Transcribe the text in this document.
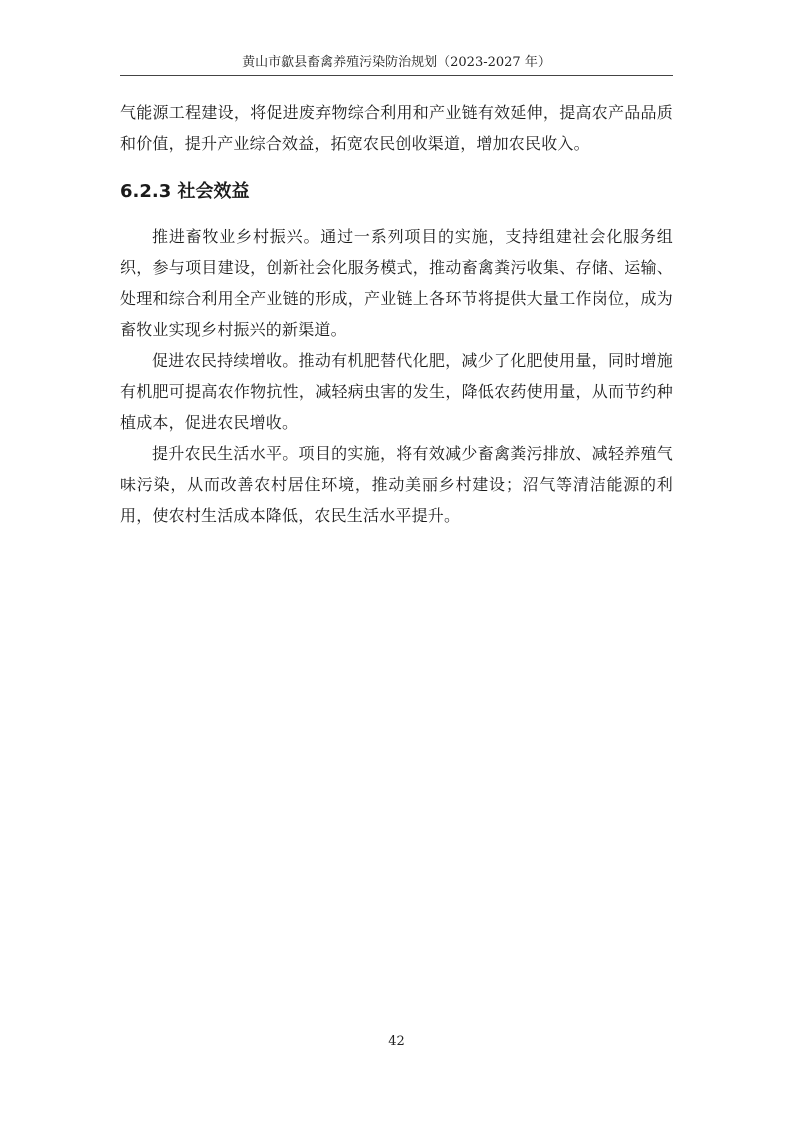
黄山市歙县畜禽养殖污染防治规划（2023-2027 年）

气能源工程建设，将促进废弃物综合利用和产业链有效延伸，提高农产品品质和价值，提升产业综合效益，拓宽农民创收渠道，增加农民收入。

6.2.3 社会效益

推进畜牧业乡村振兴。通过一系列项目的实施，支持组建社会化服务组织，参与项目建设，创新社会化服务模式，推动畜禽粪污收集、存储、运输、处理和综合利用全产业链的形成，产业链上各环节将提供大量工作岗位，成为畜牧业实现乡村振兴的新渠道。

促进农民持续增收。推动有机肥替代化肥，减少了化肥使用量，同时增施有机肥可提高农作物抗性，减轻病虫害的发生，降低农药使用量，从而节约种植成本，促进农民增收。

提升农民生活水平。项目的实施，将有效减少畜禽粪污排放、减轻养殖气味污染，从而改善农村居住环境，推动美丽乡村建设；沼气等清洁能源的利用，使农村生活成本降低，农民生活水平提升。

42
